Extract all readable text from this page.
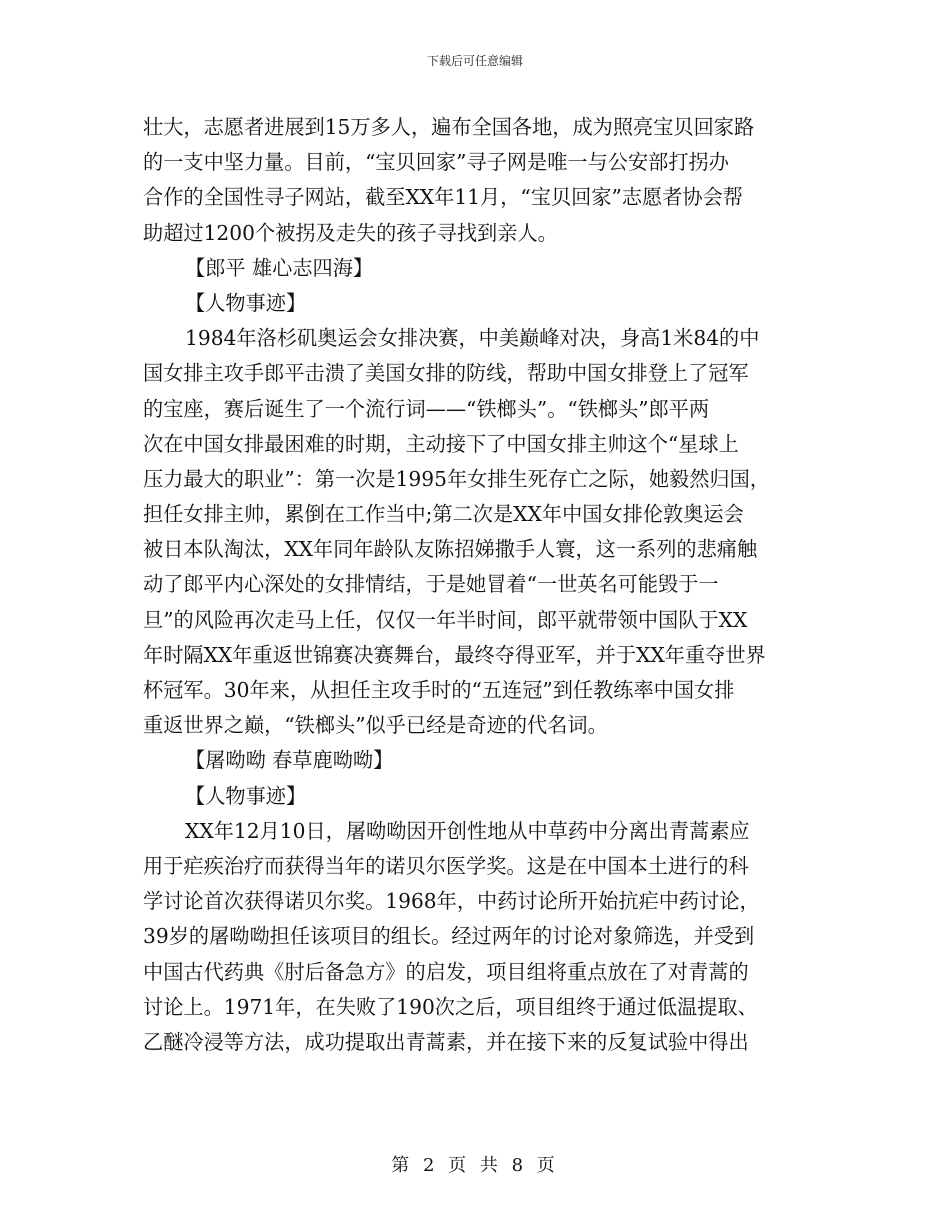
下载后可任意编辑
壮大，志愿者进展到15万多人，遍布全国各地，成为照亮宝贝回家路
的一支中坚力量。目前，“宝贝回家”寻子网是唯一与公安部打拐办
合作的全国性寻子网站，截至XX年11月，“宝贝回家”志愿者协会帮
助超过1200个被拐及走失的孩子寻找到亲人。
【郎平 雄心志四海】
【人物事迹】
1984年洛杉矶奥运会女排决赛，中美巅峰对决，身高1米84的中
国女排主攻手郎平击溃了美国女排的防线，帮助中国女排登上了冠军
的宝座，赛后诞生了一个流行词——“铁榔头”。“铁榔头”郎平两
次在中国女排最困难的时期，主动接下了中国女排主帅这个“星球上
压力最大的职业”：第一次是1995年女排生死存亡之际，她毅然归国，
担任女排主帅，累倒在工作当中;第二次是XX年中国女排伦敦奥运会
被日本队淘汰，XX年同年龄队友陈招娣撒手人寰，这一系列的悲痛触
动了郎平内心深处的女排情结，于是她冒着“一世英名可能毁于一
旦”的风险再次走马上任，仅仅一年半时间，郎平就带领中国队于XX
年时隔XX年重返世锦赛决赛舞台，最终夺得亚军，并于XX年重夺世界
杯冠军。30年来，从担任主攻手时的“五连冠”到任教练率中国女排
重返世界之巅，“铁榔头”似乎已经是奇迹的代名词。
【屠呦呦 春草鹿呦呦】
【人物事迹】
XX年12月10日，屠呦呦因开创性地从中草药中分离出青蒿素应
用于疟疾治疗而获得当年的诺贝尔医学奖。这是在中国本土进行的科
学讨论首次获得诺贝尔奖。1968年，中药讨论所开始抗疟中药讨论，
39岁的屠呦呦担任该项目的组长。经过两年的讨论对象筛选，并受到
中国古代药典《肘后备急方》的启发，项目组将重点放在了对青蒿的
讨论上。1971年，在失败了190次之后，项目组终于通过低温提取、
乙醚冷浸等方法，成功提取出青蒿素，并在接下来的反复试验中得出
第 2 页 共 8 页
